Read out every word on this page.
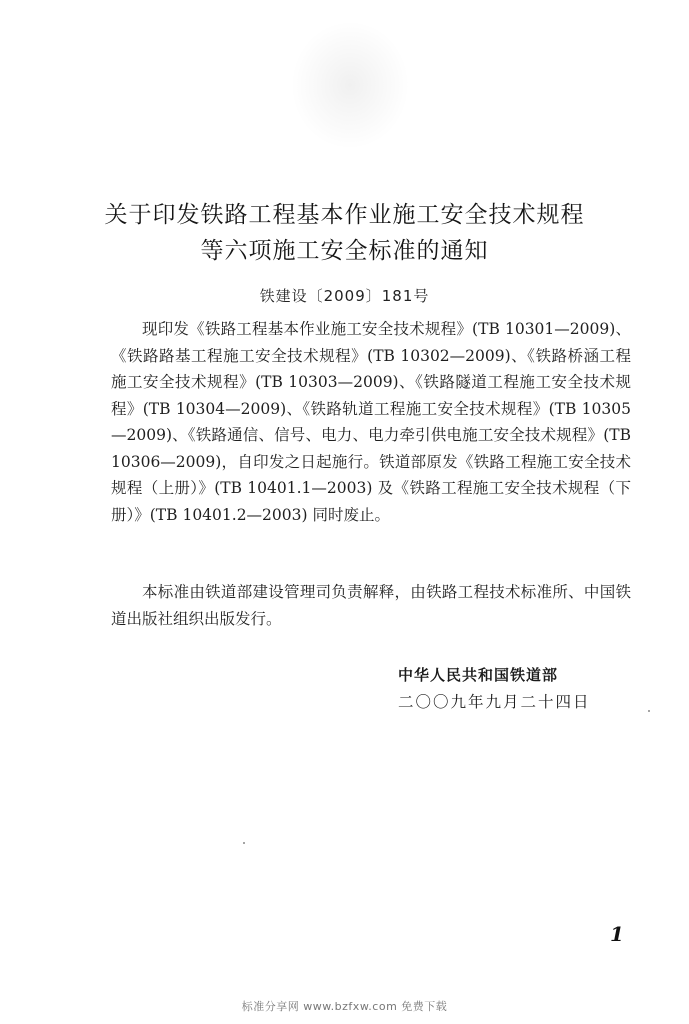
关于印发铁路工程基本作业施工安全技术规程
等六项施工安全标准的通知
铁建设〔2009〕181号
现印发《铁路工程基本作业施工安全技术规程》(TB 10301—2009)、《铁路路基工程施工安全技术规程》(TB 10302—2009)、《铁路桥涵工程施工安全技术规程》(TB 10303—2009)、《铁路隧道工程施工安全技术规程》(TB 10304—2009)、《铁路轨道工程施工安全技术规程》(TB 10305—2009)、《铁路通信、信号、电力、电力牵引供电施工安全技术规程》(TB 10306—2009)，自印发之日起施行。铁道部原发《铁路工程施工安全技术规程（上册）》(TB 10401.1—2003) 及《铁路工程施工安全技术规程（下册）》(TB 10401.2—2003) 同时废止。
本标准由铁道部建设管理司负责解释，由铁路工程技术标准所、中国铁道出版社组织出版发行。
中华人民共和国铁道部
二〇〇九年九月二十四日
1
标准分享网 www.bzfxw.com 免费下载
